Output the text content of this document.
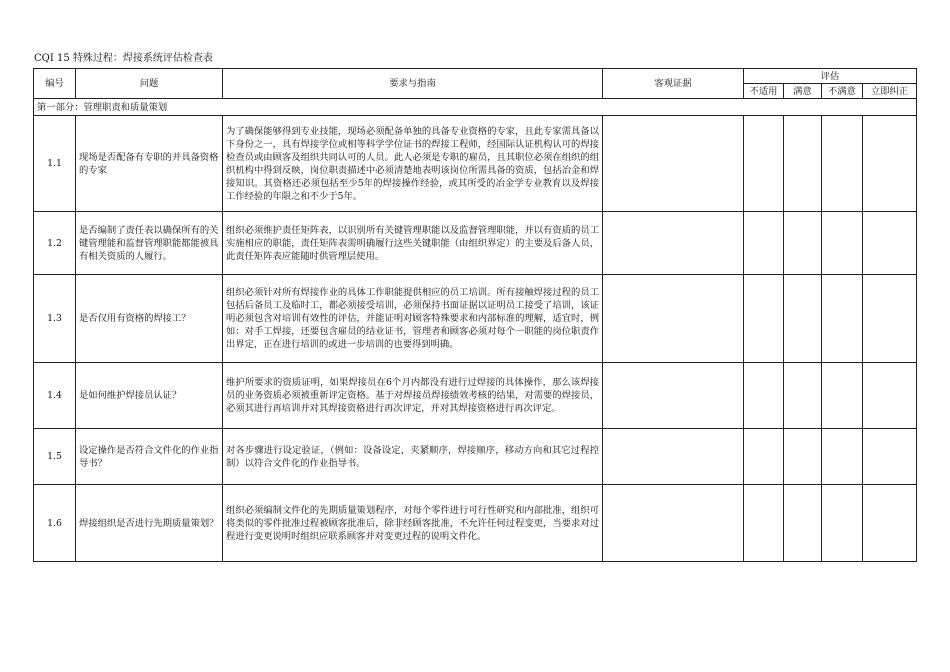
CQI 15 特殊过程：焊接系统评估检查表
编号	问题	要求与指南	客观证据	评估			
				不适用	满意	不满意	立即纠正
第一部分：管理职责和质量策划							
1.1	现场是否配备有专职的并具备资格的专家	为了确保能够得到专业技能，现场必须配备单独的具备专业资格的专家，且此专家需具备以下身份之一，具有焊接学位或相等科学学位证书的焊接工程师，经国际认证机构认可的焊接检查员或由顾客及组织共同认可的人员。此人必须是专职的雇员，且其职位必须在组织的组织机构中得到反映，岗位职责描述中必须清楚地表明该岗位所需具备的资质，包括冶金和焊接知识。其资格还必须包括至少5年的焊接操作经验，或其所受的冶金学专业教育以及焊接工作经验的年限之和不少于5年。					
1.2	是否编制了责任表以确保所有的关键管理能和监督管理职能都能被具有相关资质的人履行。	组织必须维护责任矩阵表，以识别所有关键管理职能以及监督管理职能，并以有资质的员工实施相应的职能，责任矩阵表需明确履行这些关键职能（由组织界定）的主要及后备人员，此责任矩阵表应能随时供管理层使用。					
1.3	是否仅用有资格的焊接工？	组织必须针对所有焊接作业的具体工作职能提供相应的员工培训。所有接触焊接过程的员工包括后备员工及临时工，都必须接受培训，必须保持书面证据以证明员工接受了培训，该证明必须包含对培训有效性的评估，并能证明对顾客特殊要求和内部标准的理解，适宜时，例如：对手工焊接，还要包含雇员的结业证书，管理者和顾客必须对每个一职能的岗位职责作出界定，正在进行培训的或进一步培训的也要得到明确。					
1.4	是如何维护焊接员认证？	维护所要求的资质证明，如果焊接员在6个月内都没有进行过焊接的具体操作，那么该焊接员的业务资质必须被重新评定资格。基于对焊接员焊接绩效考核的结果，对需要的焊接员，必须其进行再培训并对其焊接资格进行再次评定，并对其焊接资格进行再次评定。					
1.5	设定操作是否符合文件化的作业指导书？	对各步骤进行设定验证，（例如：设备设定，夹紧顺序，焊接顺序，移动方向和其它过程控制）以符合文件化的作业指导书。					
1.6	焊接组织是否进行先期质量策划？	组织必须编制文件化的先期质量策划程序，对每个零件进行可行性研究和内部批准，组织可将类似的零件批准过程被顾客批准后，除非经顾客批准，不允许任何过程变更，当要求对过程进行变更说明时组织应联系顾客并对变更过程的说明文件化。					
